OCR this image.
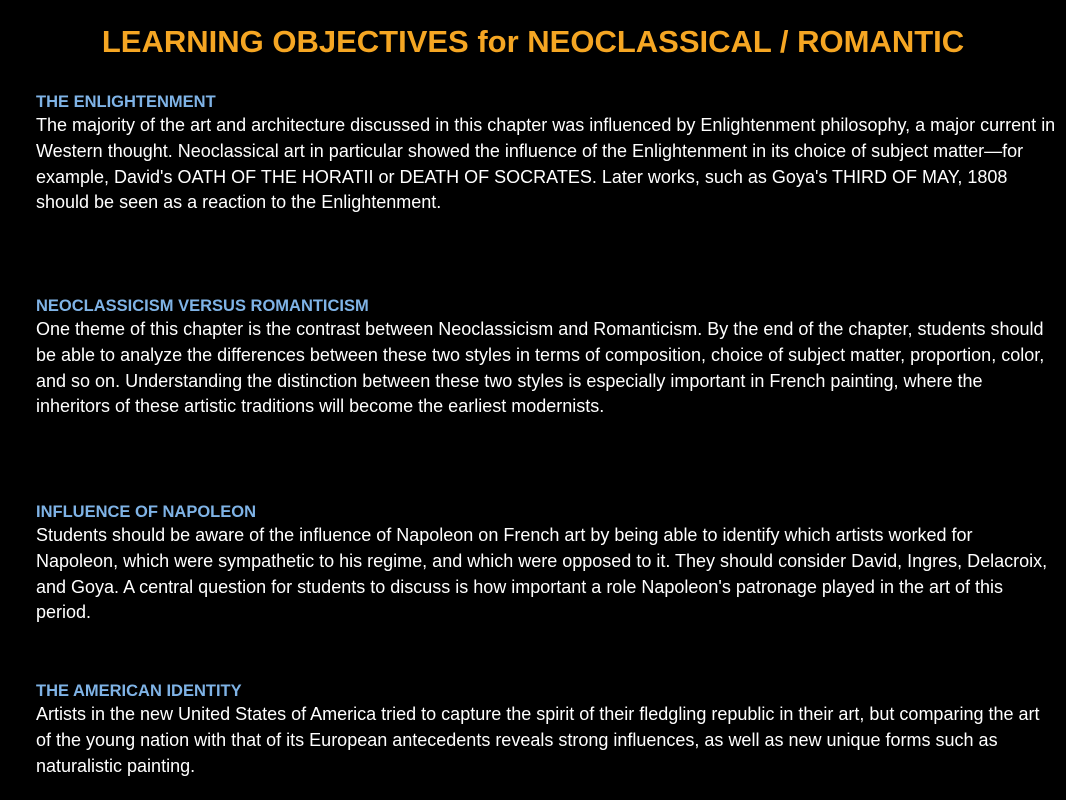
LEARNING OBJECTIVES for NEOCLASSICAL / ROMANTIC

THE ENLIGHTENMENT

The majority of the art and architecture discussed in this chapter was influenced by Enlightenment philosophy, a major current in Western thought. Neoclassical art in particular showed the influence of the Enlightenment in its choice of subject matter—for example, David's OATH OF THE HORATII or DEATH OF SOCRATES. Later works, such as Goya's THIRD OF MAY, 1808 should be seen as a reaction to the Enlightenment.

NEOCLASSICISM VERSUS ROMANTICISM

One theme of this chapter is the contrast between Neoclassicism and Romanticism. By the end of the chapter, students should be able to analyze the differences between these two styles in terms of composition, choice of subject matter, proportion, color, and so on. Understanding the distinction between these two styles is especially important in French painting, where the inheritors of these artistic traditions will become the earliest modernists.

INFLUENCE OF NAPOLEON

Students should be aware of the influence of Napoleon on French art by being able to identify which artists worked for Napoleon, which were sympathetic to his regime, and which were opposed to it. They should consider David, Ingres, Delacroix, and Goya. A central question for students to discuss is how important a role Napoleon's patronage played in the art of this period.

THE AMERICAN IDENTITY

Artists in the new United States of America tried to capture the spirit of their fledgling republic in their art, but comparing the art of the young nation with that of its European antecedents reveals strong influences, as well as new unique forms such as naturalistic painting.
